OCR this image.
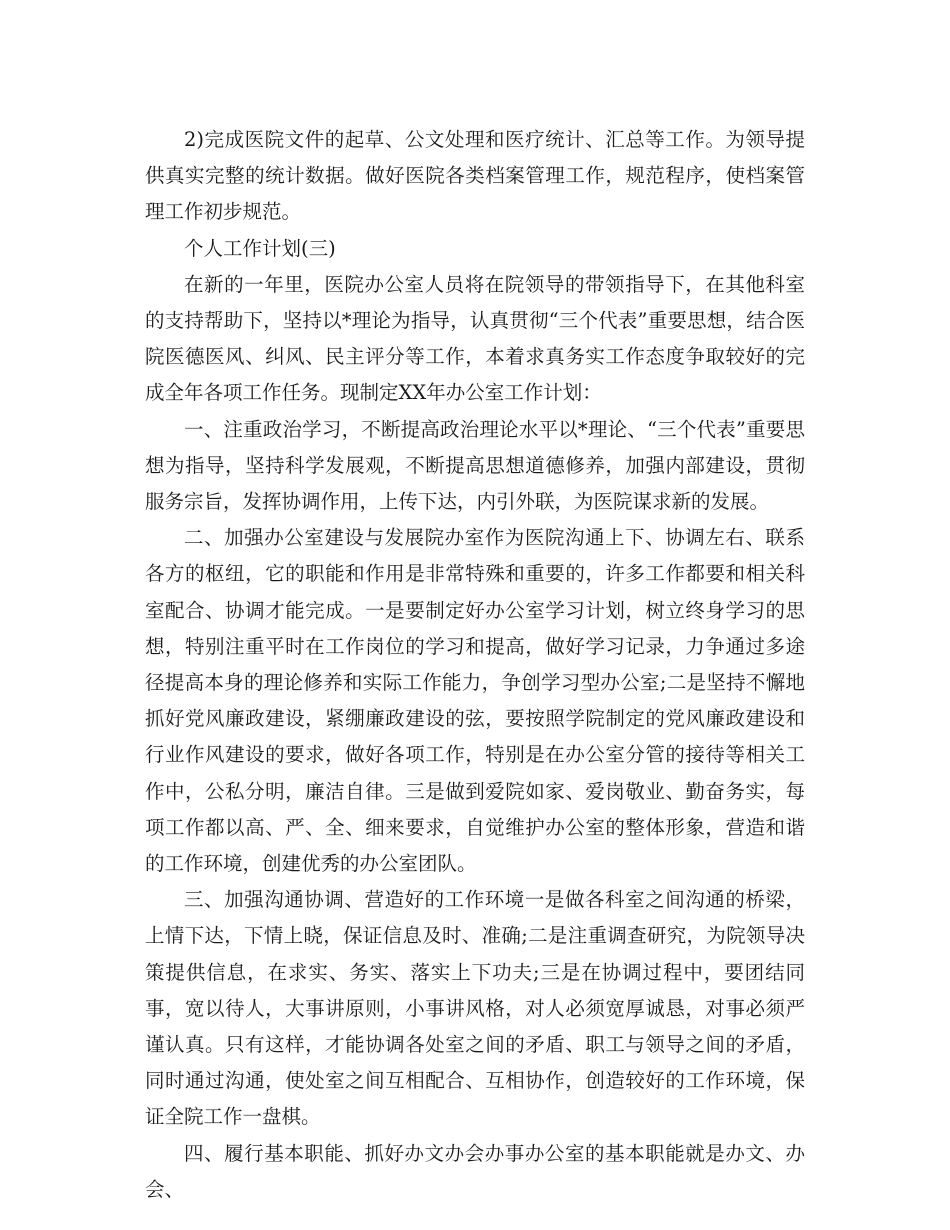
2)完成医院文件的起草、公文处理和医疗统计、汇总等工作。为领导提供真实完整的统计数据。做好医院各类档案管理工作，规范程序，使档案管理工作初步规范。

个人工作计划(三)

在新的一年里，医院办公室人员将在院领导的带领指导下，在其他科室的支持帮助下，坚持以*理论为指导，认真贯彻“三个代表”重要思想，结合医院医德医风、纠风、民主评分等工作，本着求真务实工作态度争取较好的完成全年各项工作任务。现制定XX年办公室工作计划：

一、注重政治学习，不断提高政治理论水平以*理论、“三个代表”重要思想为指导，坚持科学发展观，不断提高思想道德修养，加强内部建设，贯彻服务宗旨，发挥协调作用，上传下达，内引外联，为医院谋求新的发展。

二、加强办公室建设与发展院办室作为医院沟通上下、协调左右、联系各方的枢纽，它的职能和作用是非常特殊和重要的，许多工作都要和相关科室配合、协调才能完成。一是要制定好办公室学习计划，树立终身学习的思想，特别注重平时在工作岗位的学习和提高，做好学习记录，力争通过多途径提高本身的理论修养和实际工作能力，争创学习型办公室;二是坚持不懈地抓好党风廉政建设，紧绷廉政建设的弦，要按照学院制定的党风廉政建设和行业作风建设的要求，做好各项工作，特别是在办公室分管的接待等相关工作中，公私分明，廉洁自律。三是做到爱院如家、爱岗敬业、勤奋务实，每项工作都以高、严、全、细来要求，自觉维护办公室的整体形象，营造和谐的工作环境，创建优秀的办公室团队。

三、加强沟通协调、营造好的工作环境一是做各科室之间沟通的桥梁，上情下达，下情上晓，保证信息及时、准确;二是注重调查研究，为院领导决策提供信息，在求实、务实、落实上下功夫;三是在协调过程中，要团结同事，宽以待人，大事讲原则，小事讲风格，对人必须宽厚诚恳，对事必须严谨认真。只有这样，才能协调各处室之间的矛盾、职工与领导之间的矛盾，同时通过沟通，使处室之间互相配合、互相协作，创造较好的工作环境，保证全院工作一盘棋。

四、履行基本职能、抓好办文办会办事办公室的基本职能就是办文、办会、
